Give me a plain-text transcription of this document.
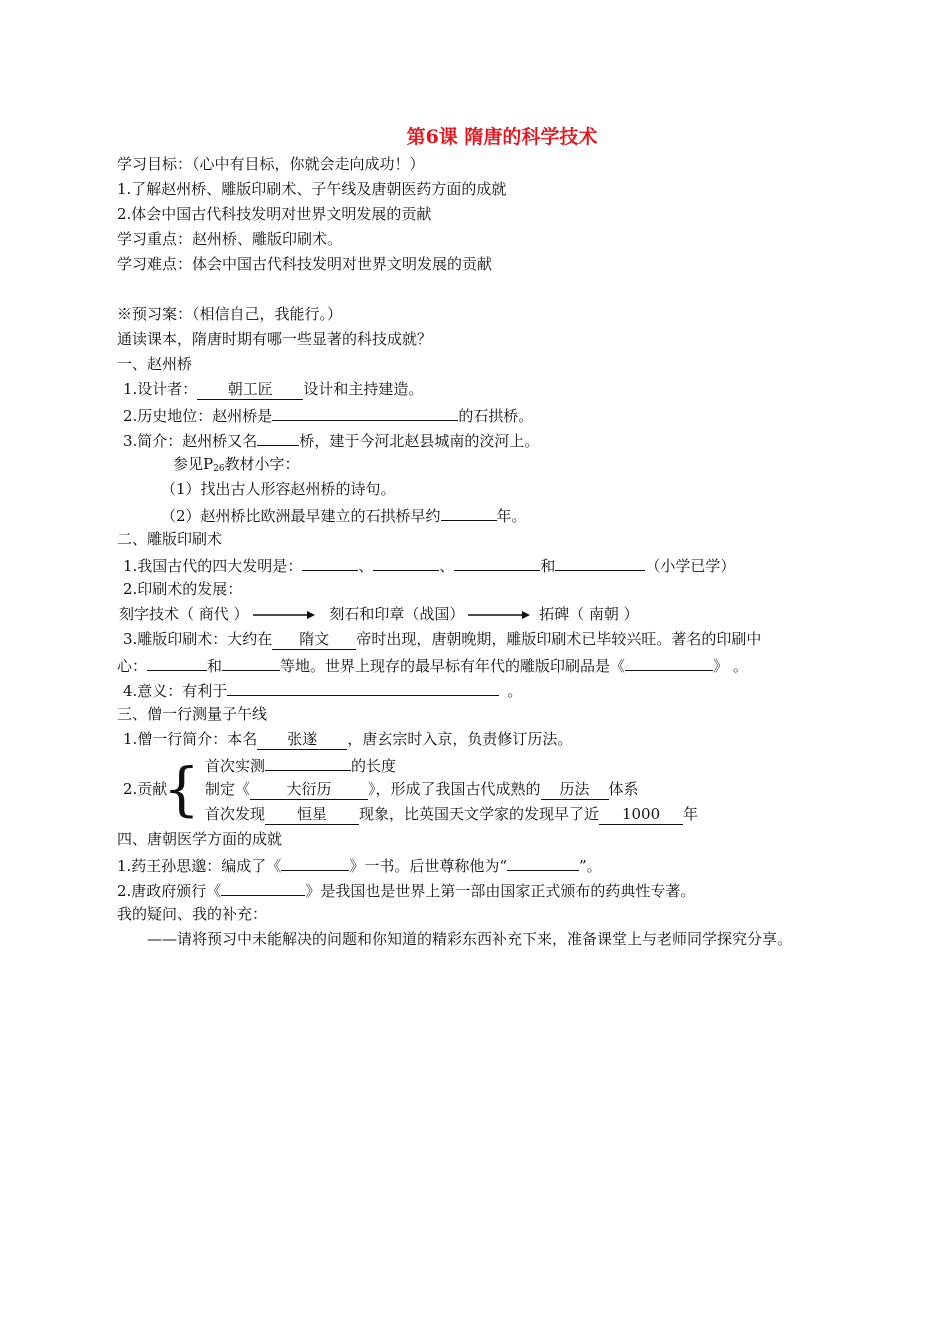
第6课 隋唐的科学技术
学习目标：（心中有目标，你就会走向成功！）
1.了解赵州桥、雕版印刷术、子午线及唐朝医药方面的成就
2.体会中国古代科技发明对世界文明发展的贡献
学习重点：赵州桥、雕版印刷术。
学习难点：体会中国古代科技发明对世界文明发展的贡献
※预习案：（相信自己，我能行。）
通读课本，隋唐时期有哪一些显著的科技成就？
一、赵州桥
1.设计者： 朝工匠 设计和主持建造。
2.历史地位：赵州桥是	的石拱桥。
3.简介：赵州桥又名	桥，建于今河北赵县城南的洨河上。
参见$P_{26}$教材小字：
（1）找出古人形容赵州桥的诗句。
（2）赵州桥比欧洲最早建立的石拱桥早约	年。
二、雕版印刷术
1.我国古代的四大发明是：	、	、	和	（小学已学）
2.印刷术的发展：
刻字技术（ 商代 ）	刻石和印章（战国）	拓碑（ 南朝 ）
3.雕版印刷术：大约在 隋文 帝时出现，唐朝晚期，雕版印刷术已毕较兴旺。著名的印刷中
心：	和	等地。世界上现存的最早标有年代的雕版印刷品是《	》 。
4.意义：有利于	。
三、僧一行测量子午线
1.僧一行简介：本名 张遂 ，唐玄宗时入京，负责修订历法。
2.贡献
{ 首次实测	的长度
制定《 大衍历 》，形成了我国古代成熟的 历法 体系
首次发现 恒星 现象，比英国天文学家的发现早了近 1000 年
四、唐朝医学方面的成就
1.药王孙思邈：编成了《	》一书。后世尊称他为“	”。
2.唐政府颁行《	》是我国也是世界上第一部由国家正式颁布的药典性专著。
我的疑问、我的补充：
——请将预习中未能解决的问题和你知道的精彩东西补充下来，准备课堂上与老师同学探究分享。
